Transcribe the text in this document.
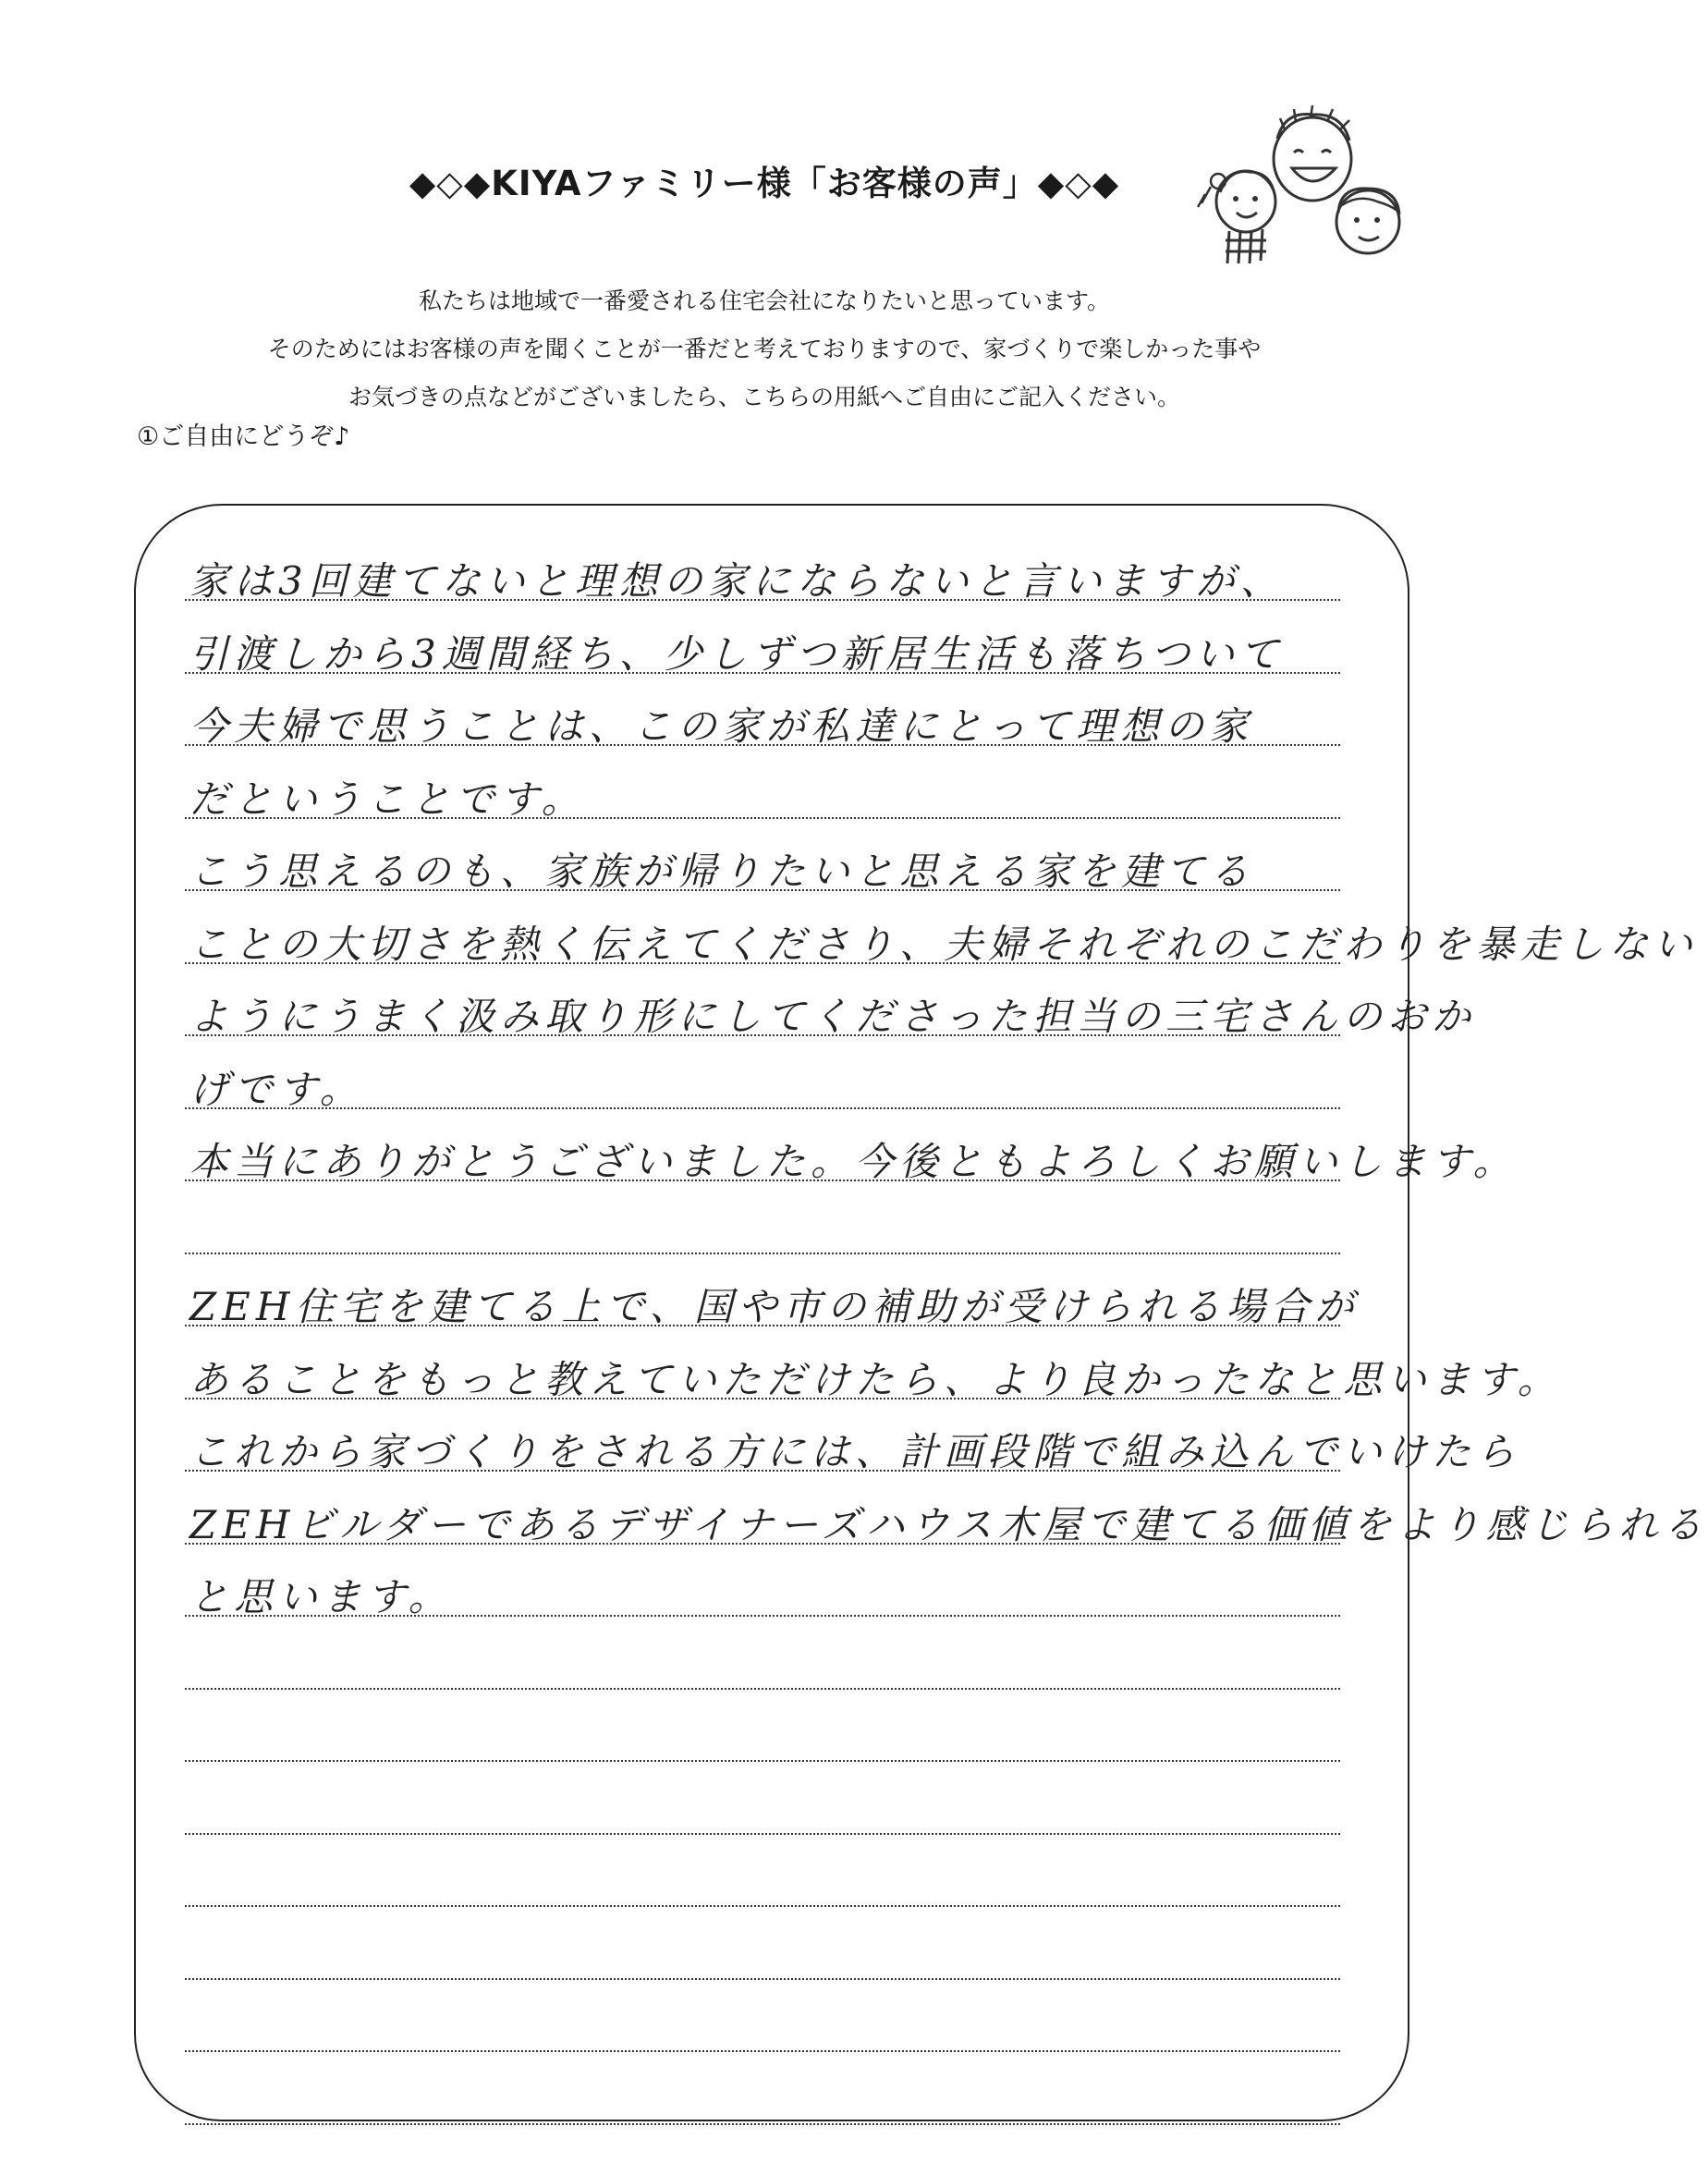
◆◇◆KIYAファミリー様「お客様の声」◆◇◆
私たちは地域で一番愛される住宅会社になりたいと思っています。
そのためにはお客様の声を聞くことが一番だと考えておりますので、家づくりで楽しかった事や
お気づきの点などがございましたら、こちらの用紙へご自由にご記入ください。
①ご自由にどうぞ♪
家は3回建てないと理想の家にならないと言いますが、
引渡しから3週間経ち、少しずつ新居生活も落ちついて
今夫婦で思うことは、この家が私達にとって理想の家
だということです。
こう思えるのも、家族が帰りたいと思える家を建てる
ことの大切さを熱く伝えてくださり、夫婦それぞれのこだわりを暴走しない
ようにうまく汲み取り形にしてくださった担当の三宅さんのおか
げです。
本当にありがとうございました。今後ともよろしくお願いします。
ZEH住宅を建てる上で、国や市の補助が受けられる場合が
あることをもっと教えていただけたら、より良かったなと思います。
これから家づくりをされる方には、計画段階で組み込んでいけたら
ZEHビルダーであるデザイナーズハウス木屋で建てる価値をより感じられる
と思います。
